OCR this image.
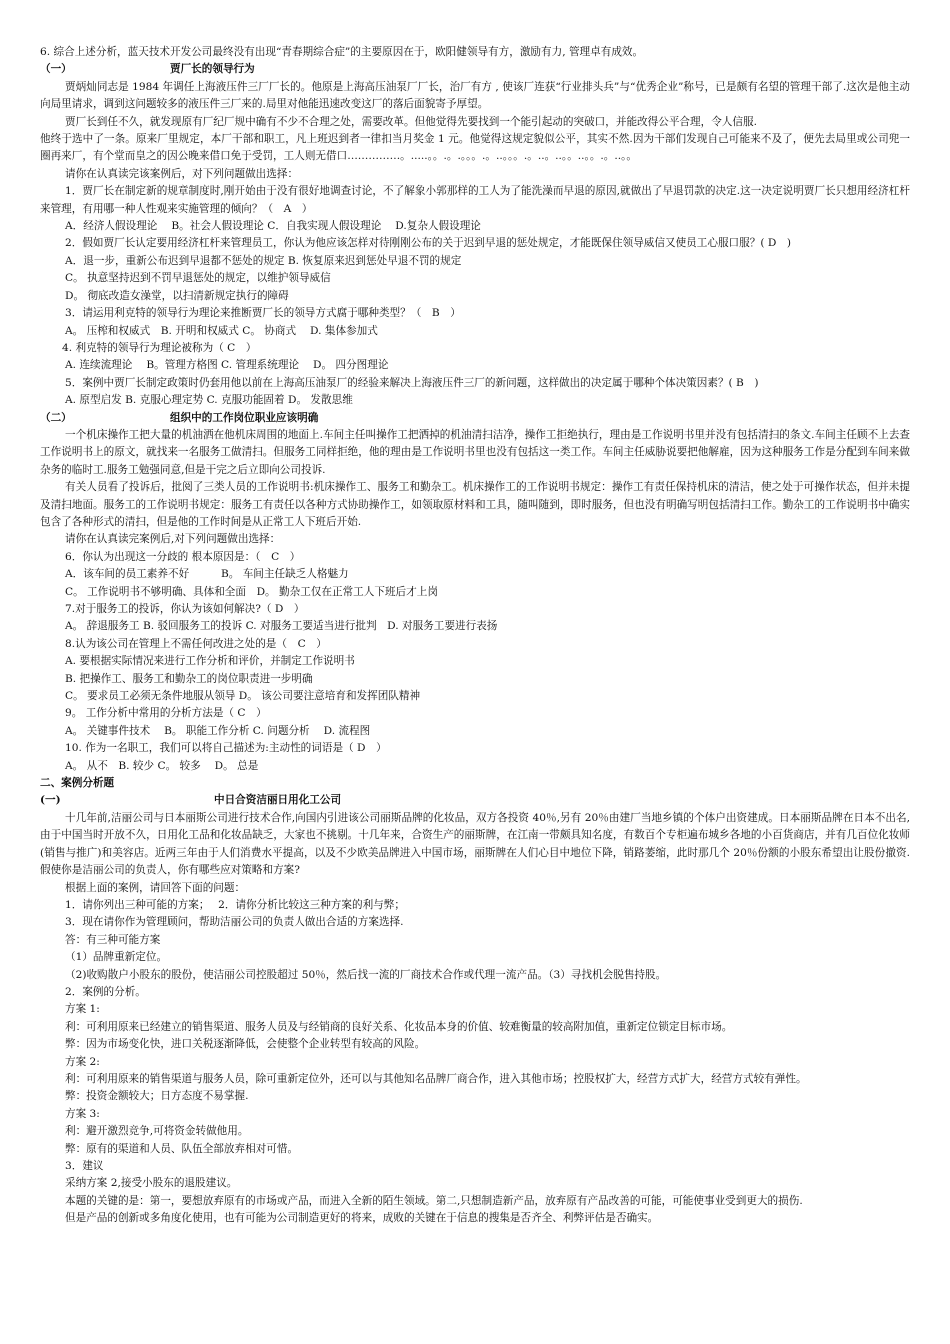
6. 综合上述分析，蓝天技术开发公司最终没有出现“青春期综合症”的主要原因在于，欧阳健领导有方，激励有力, 管理卓有成效。

（一）	贾厂长的领导行为

贾炳灿同志是 1984 年调任上海液压件三厂厂长的。他原是上海高压油泵厂厂长，治厂有方 , 使该厂连获“行业排头兵”与“优秀企业”称号，已是颇有名望的管理干部了.这次是他主动向局里请求，调到这问题较多的液压件三厂来的.局里对他能迅速改变这厂的落后面貌寄予厚望。

贾厂长到任不久，就发现原有厂纪厂规中确有不少不合理之处，需要改革。但他觉得先要找到一个能引起动的突破口，并能改得公平合理，令人信服.

他终于选中了一条。原来厂里规定，本厂干部和职工，凡上班迟到者一律扣当月奖金 1 元。他觉得这规定貌似公平，其实不然.因为干部们发现自己可能来不及了，便先去局里或公司兜一圈再来厂，有个堂而皇之的因公晚来借口免于受罚，工人则无借口……………。.....。。.。.。。。.。..。。。.。..。..。。..。。.。..。。

请你在认真读完该案例后，对下列问题做出选择：

1．贾厂长在制定新的规章制度时,刚开始由于没有很好地调查讨论，不了解象小郭那样的工人为了能洗澡而早退的原因,就做出了早退罚款的决定.这一决定说明贾厂长只想用经济杠杆来管理，有用哪一种人性观来实施管理的倾向？（　A　）

A．经济人假设理论　 B。社会人假设理论 C．自我实现人假设理论　 D.复杂人假设理论

2．假如贾厂长认定要用经济杠杆来管理员工，你认为他应该怎样对待刚刚公布的关于迟到早退的惩处规定，才能既保住领导威信又使员工心服口服？( D　)

A．退一步，重新公布迟到早退都不惩处的规定 B. 恢复原来迟到惩处早退不罚的规定

C。 执意坚持迟到不罚早退惩处的规定，以维护领导威信

D。 彻底改造女澡堂，以扫清新规定执行的障碍

3．请运用利克特的领导行为理论来推断贾厂长的领导方式腐于哪种类型？（　B　）

A。 压榨和权威式　B. 开明和权威式 C。 协商式　 D. 集体参加式

4. 利克特的领导行为理论被称为（ C　）

A. 连续流理论　 B。管理方格图 C. 管理系统理论　 D。 四分图理论

5．案例中贾厂长制定政策时仍套用他以前在上海高压油泵厂的经验来解决上海液压件三厂的新问题，这样做出的决定属于哪种个体决策因素？( B　)

A. 原型启发 B. 克服心理定势 C. 克服功能固着 D。 发散思维

（二）	组织中的工作岗位职业应该明确

一个机床操作工把大量的机油洒在他机床周围的地面上.车间主任叫操作工把洒掉的机油清扫洁净，操作工拒绝执行，理由是工作说明书里并没有包括清扫的条文.车间主任顾不上去查工作说明书上的原文，就找来一名服务工做清扫。但服务工同样拒绝，他的理由是工作说明书里也没有包括这一类工作。车间主任威胁说要把他解雇，因为这种服务工作是分配到车间来做杂务的临时工.服务工勉强同意,但是干完之后立即向公司投诉.

有关人员看了投诉后，批阅了三类人员的工作说明书:机床操作工、服务工和勤杂工。机床操作工的工作说明书规定：操作工有责任保持机床的清洁，使之处于可操作状态，但并未提及清扫地面。服务工的工作说明书规定：服务工有责任以各种方式协助操作工，如领取原材料和工具，随叫随到，即时服务，但也没有明确写明包括清扫工作。勤杂工的工作说明书中确实包含了各种形式的清扫，但是他的工作时间是从正常工人下班后开始.

请你在认真读完案例后,对下列问题做出选择：

6．你认为出现这一分歧的 根本原因是：（　C　）

A．该车间的员工素养不好　　　B。 车间主任缺乏人格魅力

C。 工作说明书不够明确、具体和全面　D。 勤杂工仅在正常工人下班后才上岗

7.对于服务工的投诉，你认为该如何解决?（ D　）

A。 辞退服务工 B. 驳回服务工的投诉 C. 对服务工要适当进行批判　D. 对服务工要进行表扬

8.认为该公司在管理上不需任何改进之处的是（　C　）

A. 要根据实际情况来进行工作分析和评价，并制定工作说明书

B. 把操作工、服务工和勤杂工的岗位职责进一步明确

C。 要求员工必须无条件地服从领导 D。 该公司要注意培育和发挥团队精神

9。 工作分析中常用的分析方法是（ C　）

A。 关键事件技术　 B。 职能工作分析 C. 问题分析　 D. 流程图

10. 作为一名职工，我们可以将自己描述为:主动性的词语是（ D　）

A。 从不　B. 较少 C。 较多　 D。 总是

二、案例分析题

(一)	中日合资洁丽日用化工公司

十几年前,洁丽公司与日本丽斯公司进行技术合作,向国内引进该公司丽斯品牌的化妆品，双方各投资 40％,另有 20％由建厂当地乡镇的个体户出资建成。日本丽斯品牌在日本不出名,由于中国当时开放不久，日用化工品和化妆品缺乏，大家也不挑剔。十几年来，合资生产的丽斯牌，在江南一带颇具知名度，有数百个专柜遍布城乡各地的小百货商店，并有几百位化妆师(销售与推广)和美容店。近两三年由于人们消费水平提高，以及不少欧美品牌进入中国市场，丽斯牌在人们心目中地位下降，销路萎缩，此时那几个 20％份额的小股东希望出让股份撤资.假使你是洁丽公司的负责人，你有哪些应对策略和方案?

根据上面的案例，请回答下面的问题：

1．请你列出三种可能的方案；　 2．请你分析比较这三种方案的利与弊；

3．现在请你作为管理顾问，帮助洁丽公司的负责人做出合适的方案选择.

答：有三种可能方案

（1）品牌重新定位。

（2)收购散户小股东的股份，使洁丽公司控股超过 50％，然后找一流的厂商技术合作或代理一流产品。（3）寻找机会脱售持股。

2．案例的分析。

方案 1:

利：可利用原来已经建立的销售渠道、服务人员及与经销商的良好关系、化妆品本身的价值、较难衡量的较高附加值，重新定位锁定目标市场。

弊：因为市场变化快，进口关税逐渐降低，会使整个企业转型有较高的风险。

方案 2:

利：可利用原来的销售渠道与服务人员，除可重新定位外，还可以与其他知名品牌厂商合作，进入其他市场；控股权扩大，经营方式扩大，经营方式较有弹性。

弊：投资金额较大；日方态度不易掌握.

方案 3:

利：避开激烈竞争,可将资金转做他用。

弊：原有的渠道和人员、队伍全部放弃相对可惜。

3．建议

采纳方案 2,接受小股东的退股建议。

本题的关键的是：第一，要想放弃原有的市场或产品，而进入全新的陌生领域。第二,只想制造新产品，放弃原有产品改善的可能，可能使事业受到更大的损伤.

但是产品的创新或多角度化使用，也有可能为公司制造更好的将来，成败的关键在于信息的搜集是否齐全、利弊评估是否确实。
